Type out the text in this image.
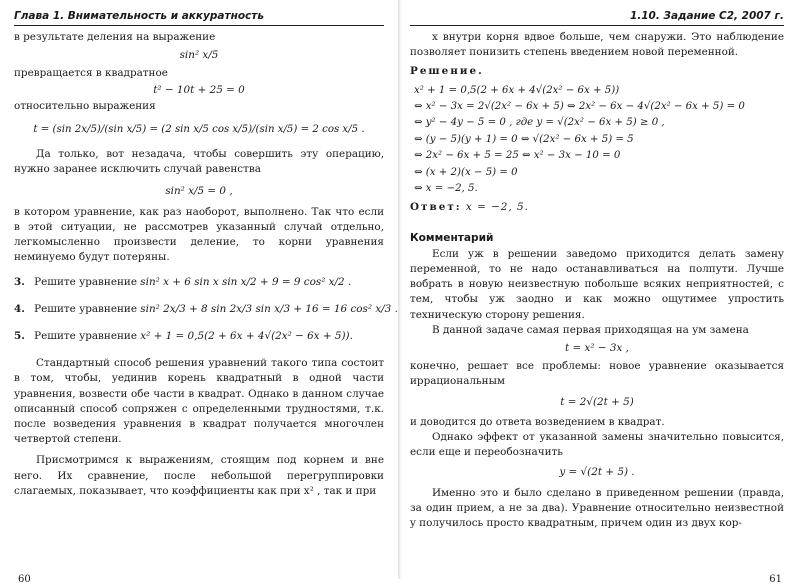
Глава 1. Внимательность и аккуратность

в результате деления на выражение

sin² x/5

превращается в квадратное

t² − 10t + 25 = 0

относительно выражения

t = (sin 2x/5)/(sin x/5) = (2 sin x/5 cos x/5)/(sin x/5) = 2 cos x/5 .

Да только, вот незадача, чтобы совершить эту операцию, нужно заранее исключить случай равенства

sin² x/5 = 0 ,

в котором уравнение, как раз наоборот, выполнено. Так что если в этой ситуации, не рассмотрев указанный случай отдельно, легкомысленно произвести деление, то корни уравнения неминуемо будут потеряны.

3. Решите уравнение sin² x + 6 sin x sin x/2 + 9 = 9 cos² x/2 .
4. Решите уравнение sin² 2x/3 + 8 sin 2x/3 sin x/3 + 16 = 16 cos² x/3 .
5. Решите уравнение x² + 1 = 0,5(2 + 6x + 4√(2x² − 6x + 5)).

Стандартный способ решения уравнений такого типа состоит в том, чтобы, уединив корень квадратный в одной части уравнения, возвести обе части в квадрат. Однако в данном случае описанный способ сопряжен с определенными трудностями, т.к. после возведения уравнения в квадрат получается многочлен четвертой степени.

Присмотримся к выражениям, стоящим под корнем и вне него. Их сравнение, после небольшой перегруппировки слагаемых, показывает, что коэффициенты как при x² , так и при

60
1.10. Задание C2, 2007 г.

x внутри корня вдвое больше, чем снаружи. Это наблюдение позволяет понизить степень введением новой переменной.

Решение.
x² + 1 = 0,5(2 + 6x + 4√(2x² − 6x + 5))
⇔ x² − 3x = 2√(2x² − 6x + 5) ⇔ 2x² − 6x − 4√(2x² − 6x + 5) = 0
⇔ y² − 4y − 5 = 0 , где y = √(2x² − 6x + 5) ≥ 0 ,
⇔ (y − 5)(y + 1) = 0 ⇔ √(2x² − 6x + 5) = 5
⇔ 2x² − 6x + 5 = 25 ⇔ x² − 3x − 10 = 0
⇔ (x + 2)(x − 5) = 0
⇔ x = −2, 5.
Ответ: x = −2, 5.
Комментарий

Если уж в решении заведомо приходится делать замену переменной, то не надо останавливаться на полпути. Лучше вобрать в новую неизвестную побольше всяких неприятностей, с тем, чтобы уж заодно и как можно ощутимее упростить техническую сторону решения.

В данной задаче самая первая приходящая на ум замена

t = x² − 3x ,

конечно, решает все проблемы: новое уравнение оказывается иррациональным

t = 2√(2t + 5)

и доводится до ответа возведением в квадрат.

Однако эффект от указанной замены значительно повысится, если еще и переобозначить

y = √(2t + 5) .

Именно это и было сделано в приведенном решении (правда, за один прием, а не за два). Уравнение относительно неизвестной y получилось просто квадратным, причем один из двух кор-

61
